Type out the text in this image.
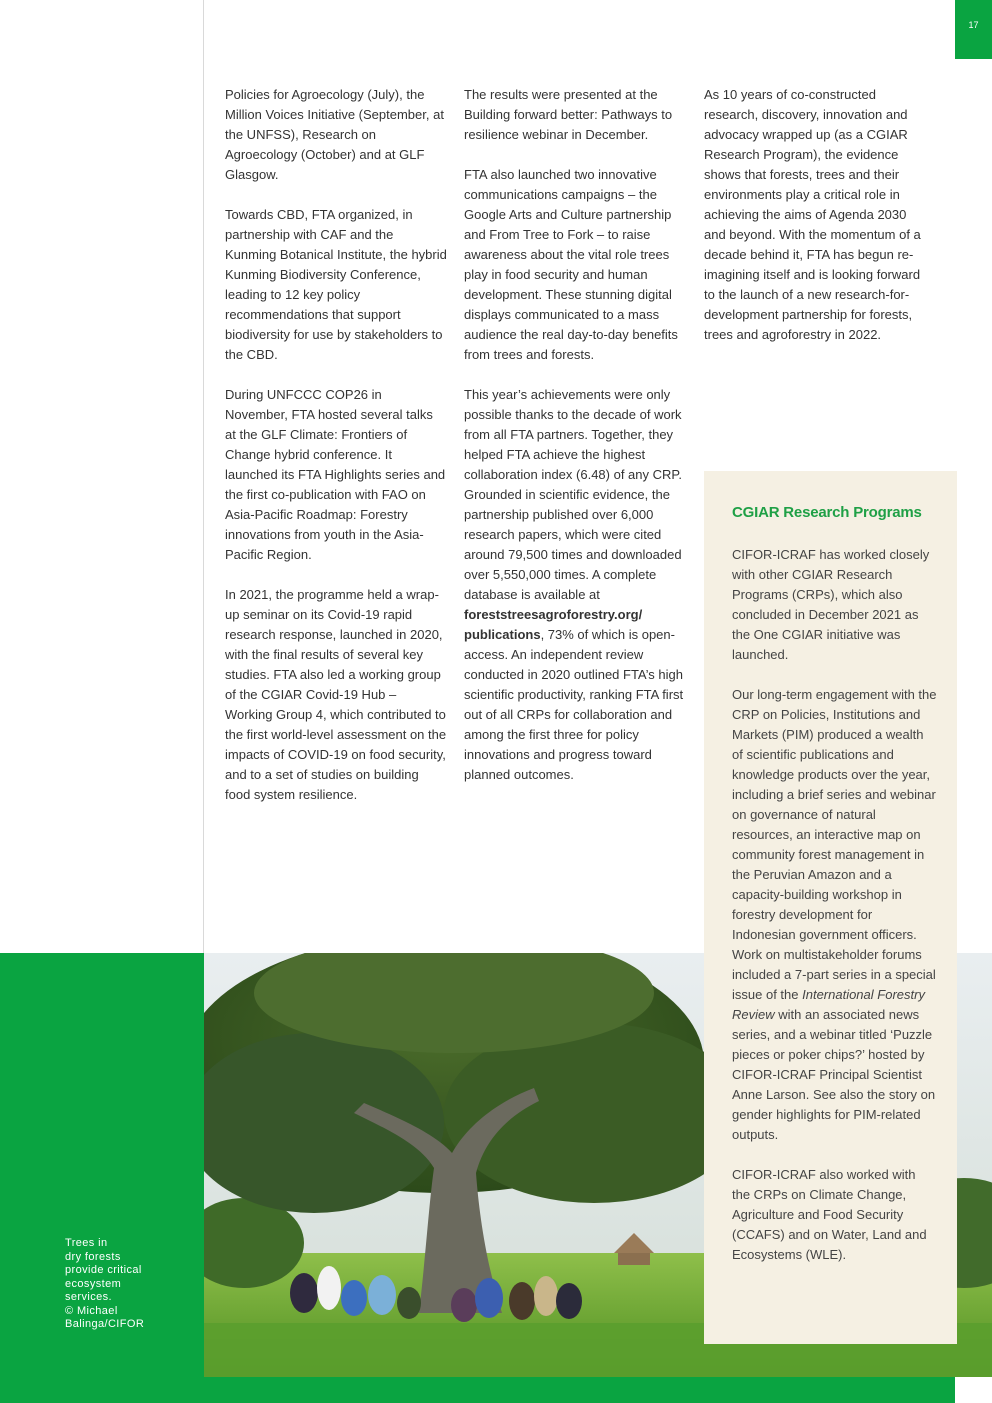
17

Policies for Agroecology (July), the Million Voices Initiative (September, at the UNFSS), Research on Agroecology (October) and at GLF Glasgow.

Towards CBD, FTA organized, in partnership with CAF and the Kunming Botanical Institute, the hybrid Kunming Biodiversity Conference, leading to 12 key policy recommendations that support biodiversity for use by stakeholders to the CBD.

During UNFCCC COP26 in November, FTA hosted several talks at the GLF Climate: Frontiers of Change hybrid conference. It launched its FTA Highlights series and the first co-publication with FAO on Asia-Pacific Roadmap: Forestry innovations from youth in the Asia-Pacific Region.

In 2021, the programme held a wrap-up seminar on its Covid-19 rapid research response, launched in 2020, with the final results of several key studies. FTA also led a working group of the CGIAR Covid-19 Hub – Working Group 4, which contributed to the first world-level assessment on the impacts of COVID-19 on food security, and to a set of studies on building food system resilience.

The results were presented at the Building forward better: Pathways to resilience webinar in December.

FTA also launched two innovative communications campaigns – the Google Arts and Culture partnership and From Tree to Fork – to raise awareness about the vital role trees play in food security and human development. These stunning digital displays communicated to a mass audience the real day-to-day benefits from trees and forests.

This year’s achievements were only possible thanks to the decade of work from all FTA partners. Together, they helped FTA achieve the highest collaboration index (6.48) of any CRP. Grounded in scientific evidence, the partnership published over 6,000 research papers, which were cited around 79,500 times and downloaded over 5,550,000 times. A complete database is available at foreststreesagroforestry.org/ publications, 73% of which is open-access. An independent review conducted in 2020 outlined FTA’s high scientific productivity, ranking FTA first out of all CRPs for collaboration and among the first three for policy innovations and progress toward planned outcomes.

As 10 years of co-constructed research, discovery, innovation and advocacy wrapped up (as a CGIAR Research Program), the evidence shows that forests, trees and their environments play a critical role in achieving the aims of Agenda 2030 and beyond. With the momentum of a decade behind it, FTA has begun re-imagining itself and is looking forward to the launch of a new research-for-development partnership for forests, trees and agroforestry in 2022.

Trees in
dry forests
provide critical
ecosystem
services.
© Michael
Balinga/CIFOR
CGIAR Research Programs

CIFOR-ICRAF has worked closely with other CGIAR Research Programs (CRPs), which also concluded in December 2021 as the One CGIAR initiative was launched.

Our long-term engagement with the CRP on Policies, Institutions and Markets (PIM) produced a wealth of scientific publications and knowledge products over the year, including a brief series and webinar on governance of natural resources, an interactive map on community forest management in the Peruvian Amazon and a capacity-building workshop in forestry development for Indonesian government officers. Work on multistakeholder forums included a 7-part series in a special issue of the International Forestry Review with an associated news series, and a webinar titled ‘Puzzle pieces or poker chips?’ hosted by CIFOR-ICRAF Principal Scientist Anne Larson. See also the story on gender highlights for PIM-related outputs.

CIFOR-ICRAF also worked with the CRPs on Climate Change, Agriculture and Food Security (CCAFS) and on Water, Land and Ecosystems (WLE).
